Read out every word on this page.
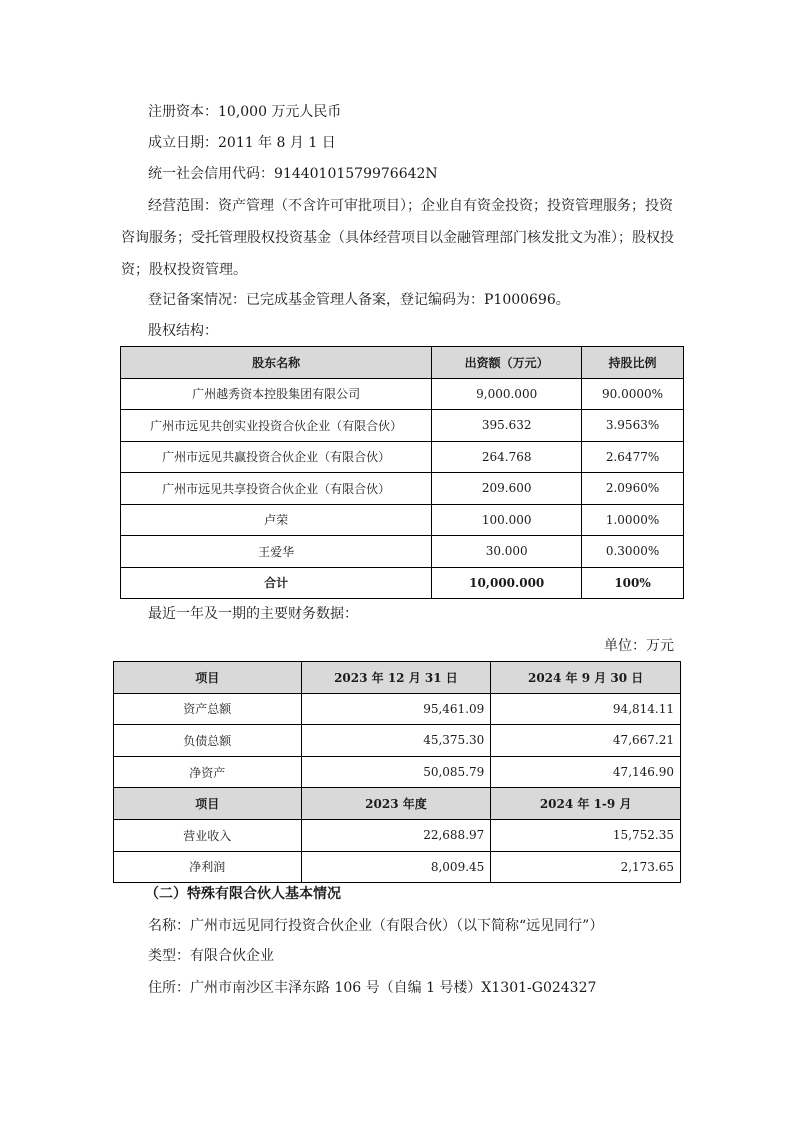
注册资本：10,000 万元人民币
成立日期：2011 年 8 月 1 日
统一社会信用代码：91440101579976642N
经营范围：资产管理（不含许可审批项目）；企业自有资金投资；投资管理服务；投资
咨询服务；受托管理股权投资基金（具体经营项目以金融管理部门核发批文为准）；股权投
资；股权投资管理。
登记备案情况：已完成基金管理人备案，登记编码为：P1000696。
股权结构：
股东名称	出资额（万元）	持股比例
广州越秀资本控股集团有限公司	9,000.000	90.0000%
广州市远见共创实业投资合伙企业（有限合伙）	395.632	3.9563%
广州市远见共赢投资合伙企业（有限合伙）	264.768	2.6477%
广州市远见共享投资合伙企业（有限合伙）	209.600	2.0960%
卢荣	100.000	1.0000%
王爱华	30.000	0.3000%
合计	10,000.000	100%
最近一年及一期的主要财务数据：
单位：万元
项目	2023 年 12 月 31 日	2024 年 9 月 30 日
资产总额	95,461.09	94,814.11
负债总额	45,375.30	47,667.21
净资产	50,085.79	47,146.90
项目	2023 年度	2024 年 1-9 月
营业收入	22,688.97	15,752.35
净利润	8,009.45	2,173.65
（二）特殊有限合伙人基本情况
名称：广州市远见同行投资合伙企业（有限合伙）（以下简称“远见同行”）
类型：有限合伙企业
住所：广州市南沙区丰泽东路 106 号（自编 1 号楼）X1301-G024327
